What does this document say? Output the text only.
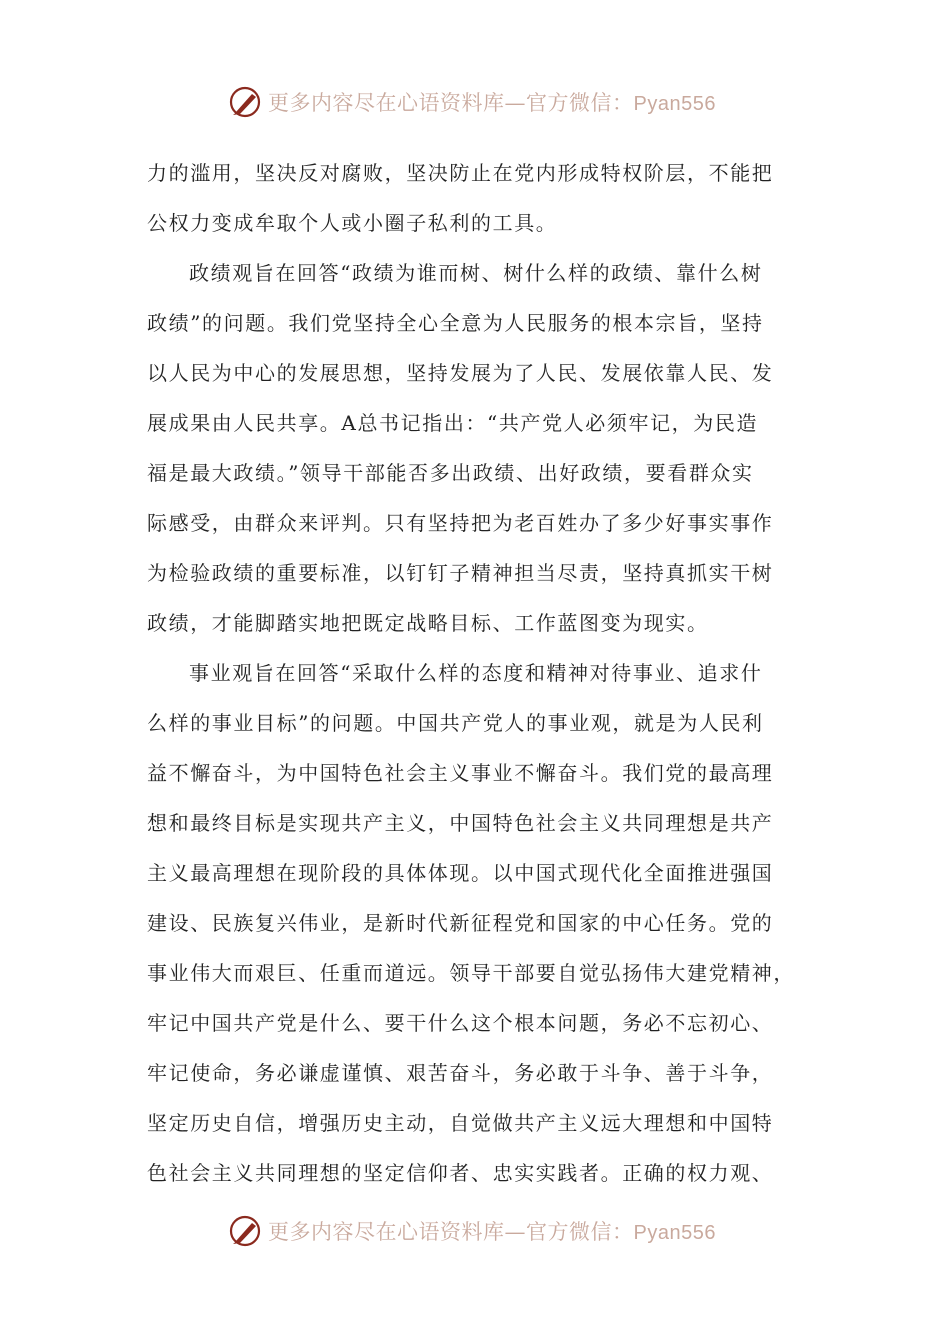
更多内容尽在心语资料库—官方微信：Pyan556
力的滥用，坚决反对腐败，坚决防止在党内形成特权阶层，不能把
公权力变成牟取个人或小圈子私利的工具。
政绩观旨在回答“政绩为谁而树、树什么样的政绩、靠什么树
政绩”的问题。我们党坚持全心全意为人民服务的根本宗旨，坚持
以人民为中心的发展思想，坚持发展为了人民、发展依靠人民、发
展成果由人民共享。A总书记指出：“共产党人必须牢记，为民造
福是最大政绩。”领导干部能否多出政绩、出好政绩，要看群众实
际感受，由群众来评判。只有坚持把为老百姓办了多少好事实事作
为检验政绩的重要标准，以钉钉子精神担当尽责，坚持真抓实干树
政绩，才能脚踏实地把既定战略目标、工作蓝图变为现实。
事业观旨在回答“采取什么样的态度和精神对待事业、追求什
么样的事业目标”的问题。中国共产党人的事业观，就是为人民利
益不懈奋斗，为中国特色社会主义事业不懈奋斗。我们党的最高理
想和最终目标是实现共产主义，中国特色社会主义共同理想是共产
主义最高理想在现阶段的具体体现。以中国式现代化全面推进强国
建设、民族复兴伟业，是新时代新征程党和国家的中心任务。党的
事业伟大而艰巨、任重而道远。领导干部要自觉弘扬伟大建党精神，
牢记中国共产党是什么、要干什么这个根本问题，务必不忘初心、
牢记使命，务必谦虚谨慎、艰苦奋斗，务必敢于斗争、善于斗争，
坚定历史自信，增强历史主动，自觉做共产主义远大理想和中国特
色社会主义共同理想的坚定信仰者、忠实实践者。正确的权力观、
更多内容尽在心语资料库—官方微信：Pyan556
